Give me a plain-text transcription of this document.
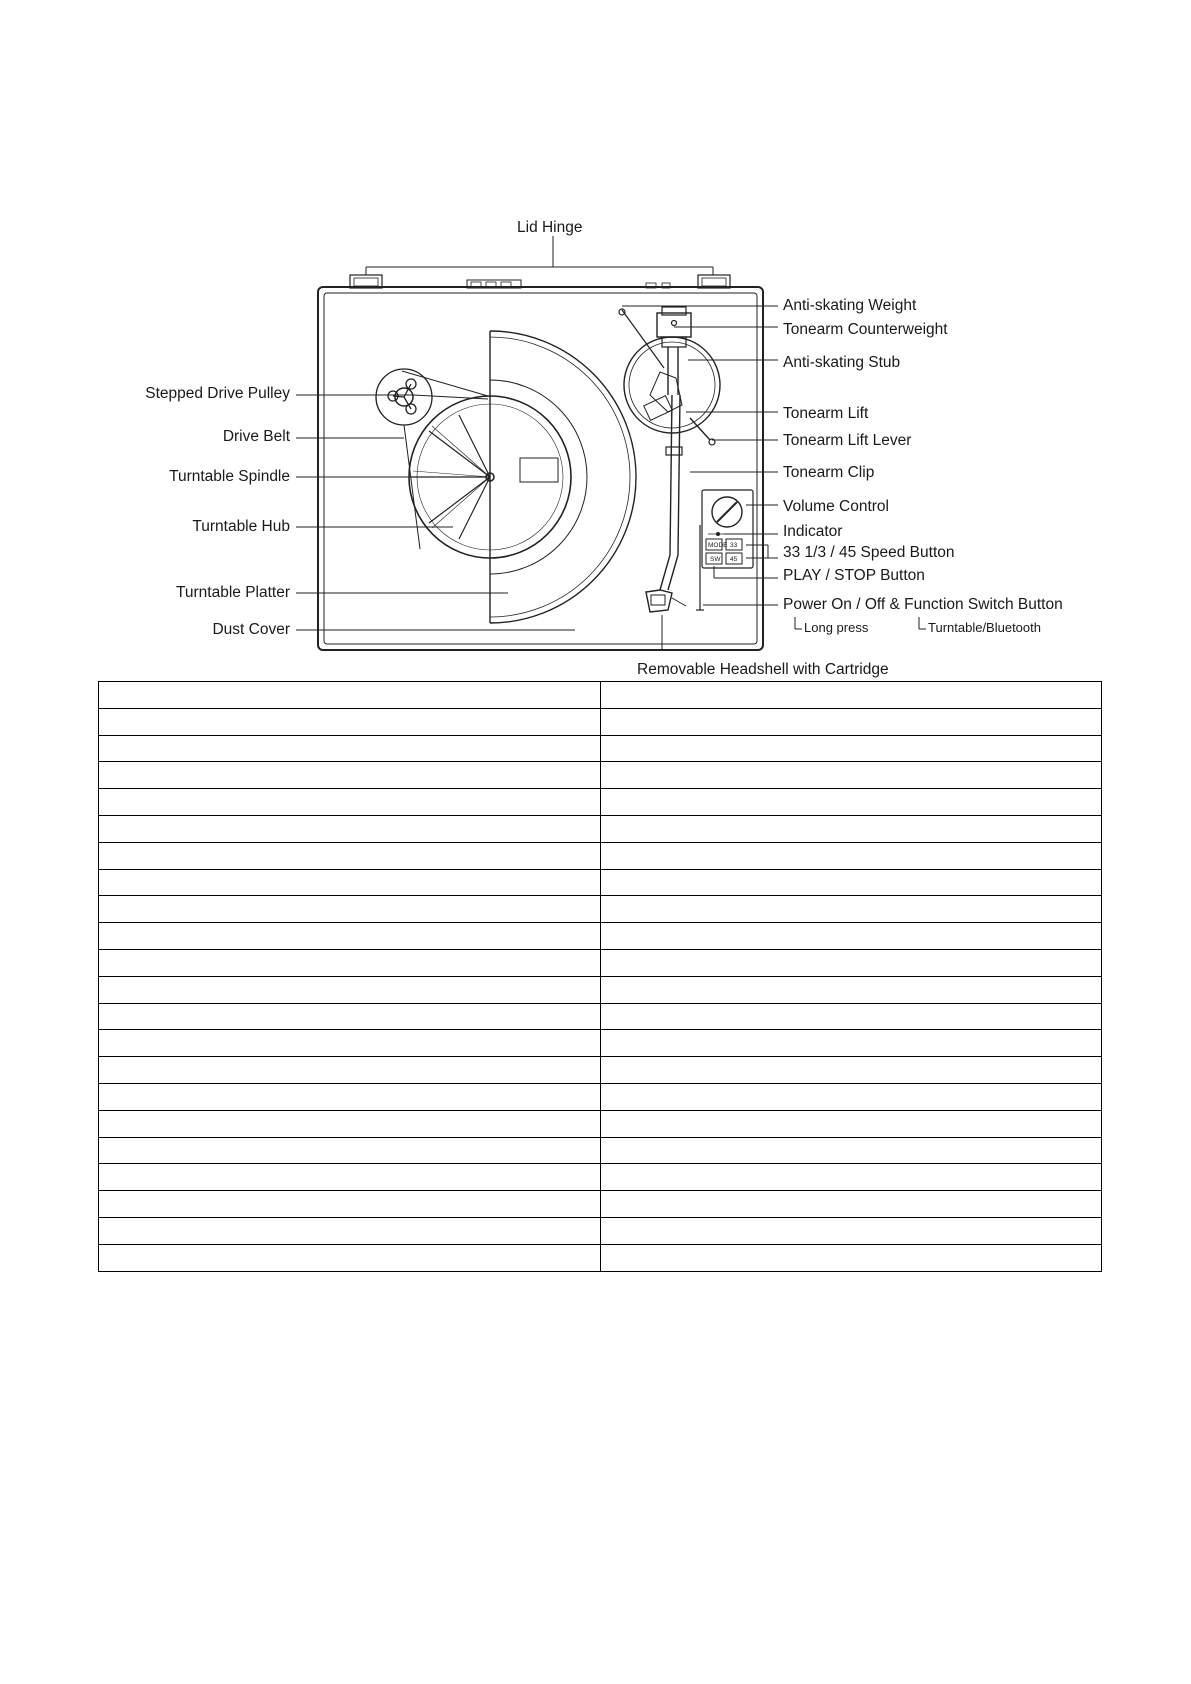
MODE 33
SW 45
Lid Hinge
Stepped Drive Pulley
Drive Belt
Turntable Spindle
Turntable Hub
Turntable Platter
Dust Cover
Anti-skating Weight
Tonearm Counterweight
Anti-skating Stub
Tonearm Lift
Tonearm Lift Lever
Tonearm Clip
Volume Control
Indicator
33 1/3 / 45 Speed Button
PLAY / STOP Button
Power On / Off & Function Switch Button
Long press	Turntable/Bluetooth
Removable Headshell with Cartridge
